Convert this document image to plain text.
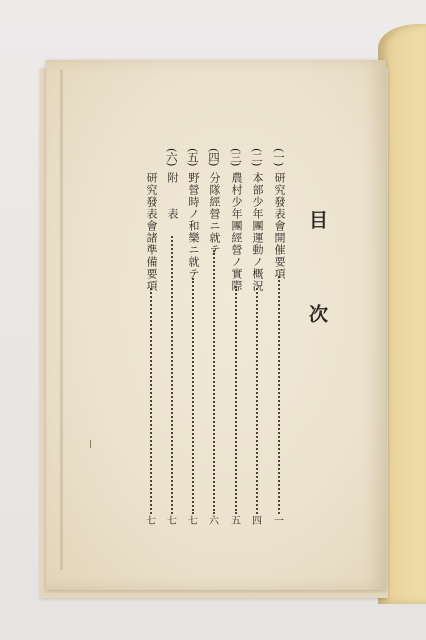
目　次
(一)
研究發表會開催要項
一
(二)
本部少年團運動ノ概況
四
(三)
農村少年團經營ノ實際
五
(四)
分隊經營ニ就テ
六
(五)
野營時ノ和樂ニ就テ
七
(六)
附　　表
七
研究發表會諸準備要項
七
